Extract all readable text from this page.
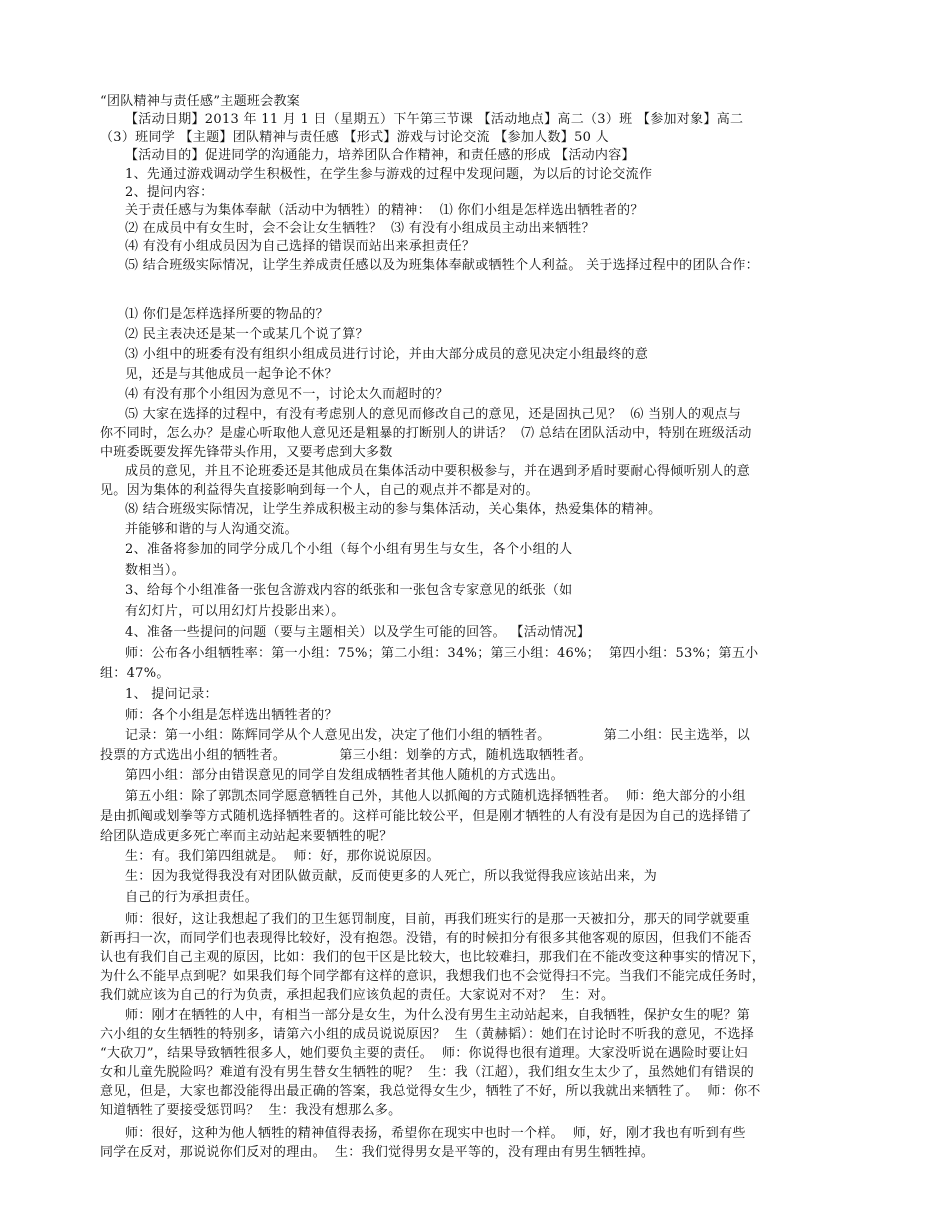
“团队精神与责任感”主题班会教案
【活动日期】2013 年 11 月 1 日（星期五）下午第三节课 【活动地点】高二（3）班 【参加对象】高二
（3）班同学 【主题】团队精神与责任感 【形式】游戏与讨论交流 【参加人数】50 人
【活动目的】促进同学的沟通能力，培养团队合作精神，和责任感的形成 【活动内容】
1、先通过游戏调动学生积极性，在学生参与游戏的过程中发现问题，为以后的讨论交流作
2、提问内容：
关于责任感与为集体奉献（活动中为牺牲）的精神：  ⑴ 你们小组是怎样选出牺牲者的？
⑵ 在成员中有女生时，会不会让女生牺牲？  ⑶ 有没有小组成员主动出来牺牲？
⑷ 有没有小组成员因为自己选择的错误而站出来承担责任？
⑸ 结合班级实际情况，让学生养成责任感以及为班集体奉献或牺牲个人利益。 关于选择过程中的团队合作：
⑴ 你们是怎样选择所要的物品的？
⑵ 民主表决还是某一个或某几个说了算？
⑶ 小组中的班委有没有组织小组成员进行讨论，并由大部分成员的意见决定小组最终的意
见，还是与其他成员一起争论不休？
⑷ 有没有那个小组因为意见不一，讨论太久而超时的？
⑸ 大家在选择的过程中，有没有考虑别人的意见而修改自己的意见，还是固执己见？  ⑹ 当别人的观点与
你不同时，怎么办？是虚心听取他人意见还是粗暴的打断别人的讲话？  ⑺ 总结在团队活动中，特别在班级活动
中班委既要发挥先锋带头作用，又要考虑到大多数
成员的意见，并且不论班委还是其他成员在集体活动中要积极参与，并在遇到矛盾时要耐心得倾听别人的意
见。因为集体的利益得失直接影响到每一个人，自己的观点并不都是对的。
⑻ 结合班级实际情况，让学生养成积极主动的参与集体活动，关心集体，热爱集体的精神。
并能够和谐的与人沟通交流。
2、准备将参加的同学分成几个小组（每个小组有男生与女生，各个小组的人
数相当）。
3、给每个小组准备一张包含游戏内容的纸张和一张包含专家意见的纸张（如
有幻灯片，可以用幻灯片投影出来）。
4、准备一些提问的问题（要与主题相关）以及学生可能的回答。 【活动情况】
师：公布各小组牺牲率：第一小组：75%；第二小组：34%；第三小组：46%；  第四小组：53%；第五小
组：47%。
1、 提问记录：
师：各个小组是怎样选出牺牲者的？
记录：第一小组：陈辉同学从个人意见出发，决定了他们小组的牺牲者。            第二小组：民主选举，以
投票的方式选出小组的牺牲者。            第三小组：划拳的方式，随机选取牺牲者。
第四小组：部分由错误意见的同学自发组成牺牲者其他人随机的方式选出。
第五小组：除了郭凯杰同学愿意牺牲自己外，其他人以抓阄的方式随机选择牺牲者。  师：绝大部分的小组
是由抓阄或划拳等方式随机选择牺牲者的。这样可能比较公平，但是刚才牺牲的人有没有是因为自己的选择错了
给团队造成更多死亡率而主动站起来要牺牲的呢？
生：有。我们第四组就是。  师：好，那你说说原因。
生：因为我觉得我没有对团队做贡献，反而使更多的人死亡，所以我觉得我应该站出来，为
自己的行为承担责任。
师：很好，这让我想起了我们的卫生惩罚制度，目前，再我们班实行的是那一天被扣分，那天的同学就要重
新再扫一次，而同学们也表现得比较好，没有抱怨。没错，有的时候扣分有很多其他客观的原因，但我们不能否
认也有我们自己主观的原因，比如：我们的包干区是比较大，也比较难扫，那我们在不能改变这种事实的情况下，
为什么不能早点到呢？如果我们每个同学都有这样的意识，我想我们也不会觉得扫不完。当我们不能完成任务时，
我们就应该为自己的行为负责，承担起我们应该负起的责任。大家说对不对？  生：对。
师：刚才在牺牲的人中，有相当一部分是女生，为什么没有男生主动站起来，自我牺牲，保护女生的呢？第
六小组的女生牺牲的特别多，请第六小组的成员说说原因？  生（黄赫韬）：她们在讨论时不听我的意见，不选择
“大砍刀”，结果导致牺牲很多人，她们要负主要的责任。  师：你说得也很有道理。大家没听说在遇险时要让妇
女和儿童先脱险吗？难道有没有男生替女生牺牲的呢？  生：我（江超），我们组女生太少了，虽然她们有错误的
意见，但是，大家也都没能得出最正确的答案，我总觉得女生少，牺牲了不好，所以我就出来牺牲了。  师：你不
知道牺牲了要接受惩罚吗？  生：我没有想那么多。
师：很好，这种为他人牺牲的精神值得表扬，希望你在现实中也时一个样。  师，好，刚才我也有听到有些
同学在反对，那说说你们反对的理由。  生：我们觉得男女是平等的，没有理由有男生牺牲掉。
